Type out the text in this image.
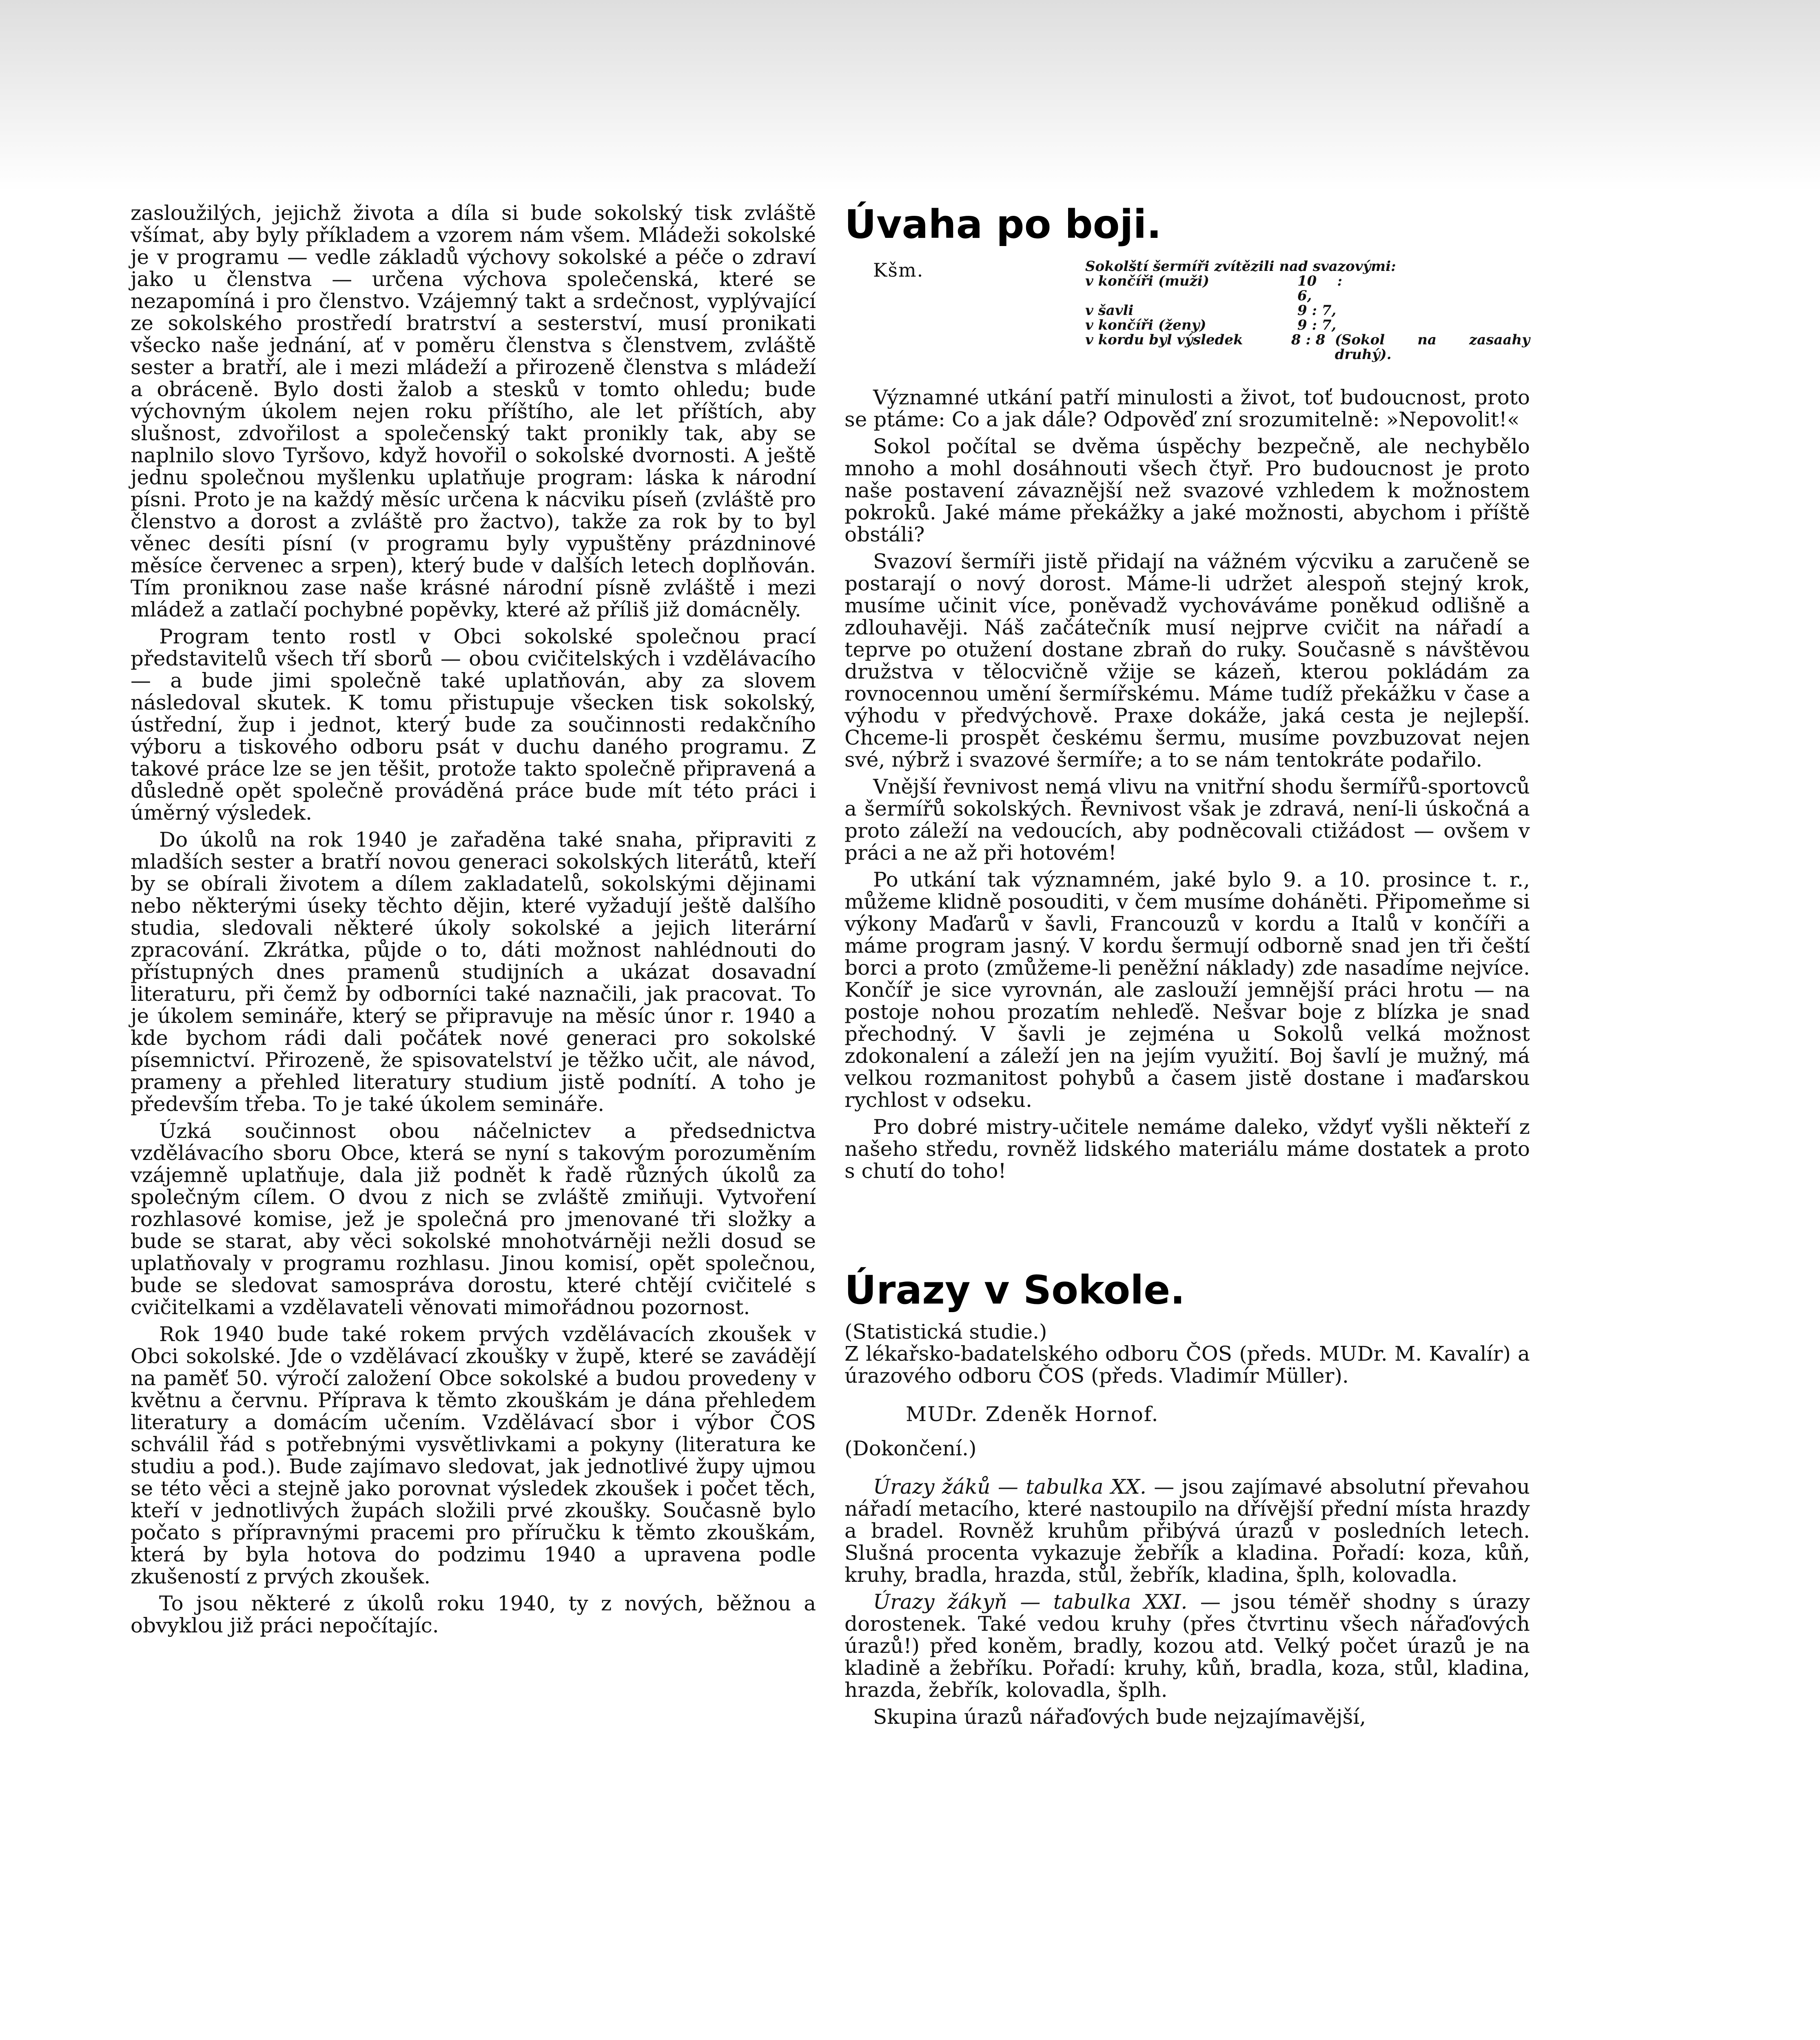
zasloužilých, jejichž života a díla si bude sokolský tisk zvláště všímat, aby byly příkladem a vzorem nám všem. Mládeži sokolské je v programu — vedle základů výchovy sokolské a péče o zdraví jako u členstva — určena výchova společenská, které se nezapomíná i pro členstvo. Vzájemný takt a srdečnost, vyplývající ze sokolského prostředí bratrství a sesterství, musí pronikati všecko naše jednání, ať v poměru členstva s členstvem, zvláště sester a bratří, ale i mezi mládeží a přirozeně členstva s mládeží a obráceně. Bylo dosti žalob a stesků v tomto ohledu; bude výchovným úkolem nejen roku příštího, ale let příštích, aby slušnost, zdvořilost a společenský takt pronikly tak, aby se naplnilo slovo Tyršovo, když hovořil o sokolské dvornosti. A ještě jednu společnou myšlenku uplatňuje program: láska k národní písni. Proto je na každý měsíc určena k nácviku píseň (zvláště pro členstvo a dorost a zvláště pro žactvo), takže za rok by to byl věnec desíti písní (v programu byly vypuštěny prázdninové měsíce červenec a srpen), který bude v dalších letech doplňován. Tím proniknou zase naše krásné národní písně zvláště i mezi mládež a zatlačí pochybné popěvky, které až příliš již domácněly.

Program tento rostl v Obci sokolské společnou prací představitelů všech tří sborů — obou cvičitelských i vzdělávacího — a bude jimi společně také uplatňován, aby za slovem následoval skutek. K tomu přistupuje všecken tisk sokolský, ústřední, žup i jednot, který bude za součinnosti redakčního výboru a tiskového odboru psát v duchu daného programu. Z takové práce lze se jen těšit, protože takto společně připravená a důsledně opět společně prováděná práce bude mít této práci i úměrný výsledek.

Do úkolů na rok 1940 je zařaděna také snaha, připraviti z mladších sester a bratří novou generaci sokolských literátů, kteří by se obírali životem a dílem zakladatelů, sokolskými dějinami nebo některými úseky těchto dějin, které vyžadují ještě dalšího studia, sledovali některé úkoly sokolské a jejich literární zpracování. Zkrátka, půjde o to, dáti možnost nahlédnouti do přístupných dnes pramenů studijních a ukázat dosavadní literaturu, při čemž by odborníci také naznačili, jak pracovat. To je úkolem semináře, který se připravuje na měsíc únor r. 1940 a kde bychom rádi dali počátek nové generaci pro sokolské písemnictví. Přirozeně, že spisovatelství je těžko učit, ale návod, prameny a přehled literatury studium jistě podnítí. A toho je především třeba. To je také úkolem semináře.

Úzká součinnost obou náčelnictev a předsednictva vzdělávacího sboru Obce, která se nyní s takovým porozuměním vzájemně uplatňuje, dala již podnět k řadě různých úkolů za společným cílem. O dvou z nich se zvláště zmiňuji. Vytvoření rozhlasové komise, jež je společná pro jmenované tři složky a bude se starat, aby věci sokolské mnohotvárněji nežli dosud se uplatňovaly v programu rozhlasu. Jinou komisí, opět společnou, bude se sledovat samospráva dorostu, které chtějí cvičitelé s cvičitelkami a vzdělavateli věnovati mimořádnou pozornost.

Rok 1940 bude také rokem prvých vzdělávacích zkoušek v Obci sokolské. Jde o vzdělávací zkoušky v župě, které se zavádějí na paměť 50. výročí založení Obce sokolské a budou provedeny v květnu a červnu. Příprava k těmto zkouškám je dána přehledem literatury a domácím učením. Vzdělávací sbor i výbor ČOS schválil řád s potřebnými vysvětlivkami a pokyny (literatura ke studiu a pod.). Bude zajímavo sledovat, jak jednotlivé župy ujmou se této věci a stejně jako porovnat výsledek zkoušek i počet těch, kteří v jednotlivých župách složili prvé zkoušky. Současně bylo počato s přípravnými pracemi pro příručku k těmto zkouškám, která by byla hotova do podzimu 1940 a upravena podle zkušeností z prvých zkoušek.

To jsou některé z úkolů roku 1940, ty z nových, běžnou a obvyklou již práci nepočítajíc.

Úvaha po boji.
Kšm.	Sokolští šermíři zvítězili nad svazovými:
v končíři (muži)	10 : 6,
v šavli	9 : 7,
v končíři (ženy)	9 : 7,
v kordu byl výsledek	8 : 8 (Sokol na zasaahy druhý).

Významné utkání patří minulosti a život, toť budoucnost, proto se ptáme: Co a jak dále? Odpověď zní srozumitelně: »Nepovolit!«

Sokol počítal se dvěma úspěchy bezpečně, ale nechybělo mnoho a mohl dosáhnouti všech čtyř. Pro budoucnost je proto naše postavení závaznější než svazové vzhledem k možnostem pokroků. Jaké máme překážky a jaké možnosti, abychom i příště obstáli?

Svazoví šermíři jistě přidají na vážném výcviku a zaručeně se postarají o nový dorost. Máme-li udržet alespoň stejný krok, musíme učinit více, poněvadž vychováváme poněkud odlišně a zdlouhavěji. Náš začátečník musí nejprve cvičit na nářadí a teprve po otužení dostane zbraň do ruky. Současně s návštěvou družstva v tělocvičně vžije se kázeň, kterou pokládám za rovnocennou umění šermířskému. Máme tudíž překážku v čase a výhodu v předvýchově. Praxe dokáže, jaká cesta je nejlepší. Chceme-li prospět českému šermu, musíme povzbuzovat nejen své, nýbrž i svazové šermíře; a to se nám tentokráte podařilo.

Vnější řevnivost nemá vlivu na vnitřní shodu šermířů-sportovců a šermířů sokolských. Řevnivost však je zdravá, není-li úskočná a proto záleží na vedoucích, aby podněcovali ctižádost — ovšem v práci a ne až při hotovém!

Po utkání tak významném, jaké bylo 9. a 10. prosince t. r., můžeme klidně posouditi, v čem musíme doháněti. Připomeňme si výkony Maďarů v šavli, Francouzů v kordu a Italů v končíři a máme program jasný. V kordu šermují odborně snad jen tři čeští borci a proto (zmůžeme-li peněžní náklady) zde nasadíme nejvíce. Končíř je sice vyrovnán, ale zaslouží jemnější práci hrotu — na postoje nohou prozatím nehleďě. Nešvar boje z blízka je snad přechodný. V šavli je zejména u Sokolů velká možnost zdokonalení a záleží jen na jejím využití. Boj šavlí je mužný, má velkou rozmanitost pohybů a časem jistě dostane i maďarskou rychlost v odseku.

Pro dobré mistry-učitele nemáme daleko, vždyť vyšli někteří z našeho středu, rovněž lidského materiálu máme dostatek a proto s chutí do toho!

Úrazy v Sokole.
(Statistická studie.)

Z lékařsko-badatelského odboru ČOS (předs. MUDr. M. Kavalír) a úrazového odboru ČOS (předs. Vladimír Müller).

MUDr. Zdeněk Hornof.
(Dokončení.)

Úrazy žáků — tabulka XX. — jsou zajímavé absolutní převahou nářadí metacího, které nastoupilo na dřívější přední místa hrazdy a bradel. Rovněž kruhům přibývá úrazů v posledních letech. Slušná procenta vykazuje žebřík a kladina. Pořadí: koza, kůň, kruhy, bradla, hrazda, stůl, žebřík, kladina, šplh, kolovadla.

Úrazy žákyň — tabulka XXI. — jsou téměř shodny s úrazy dorostenek. Také vedou kruhy (přes čtvrtinu všech nářaďových úrazů!) před koněm, bradly, kozou atd. Velký počet úrazů je na kladině a žebříku. Pořadí: kruhy, kůň, bradla, koza, stůl, kladina, hrazda, žebřík, kolovadla, šplh.

Skupina úrazů nářaďových bude nejzajímavější,
